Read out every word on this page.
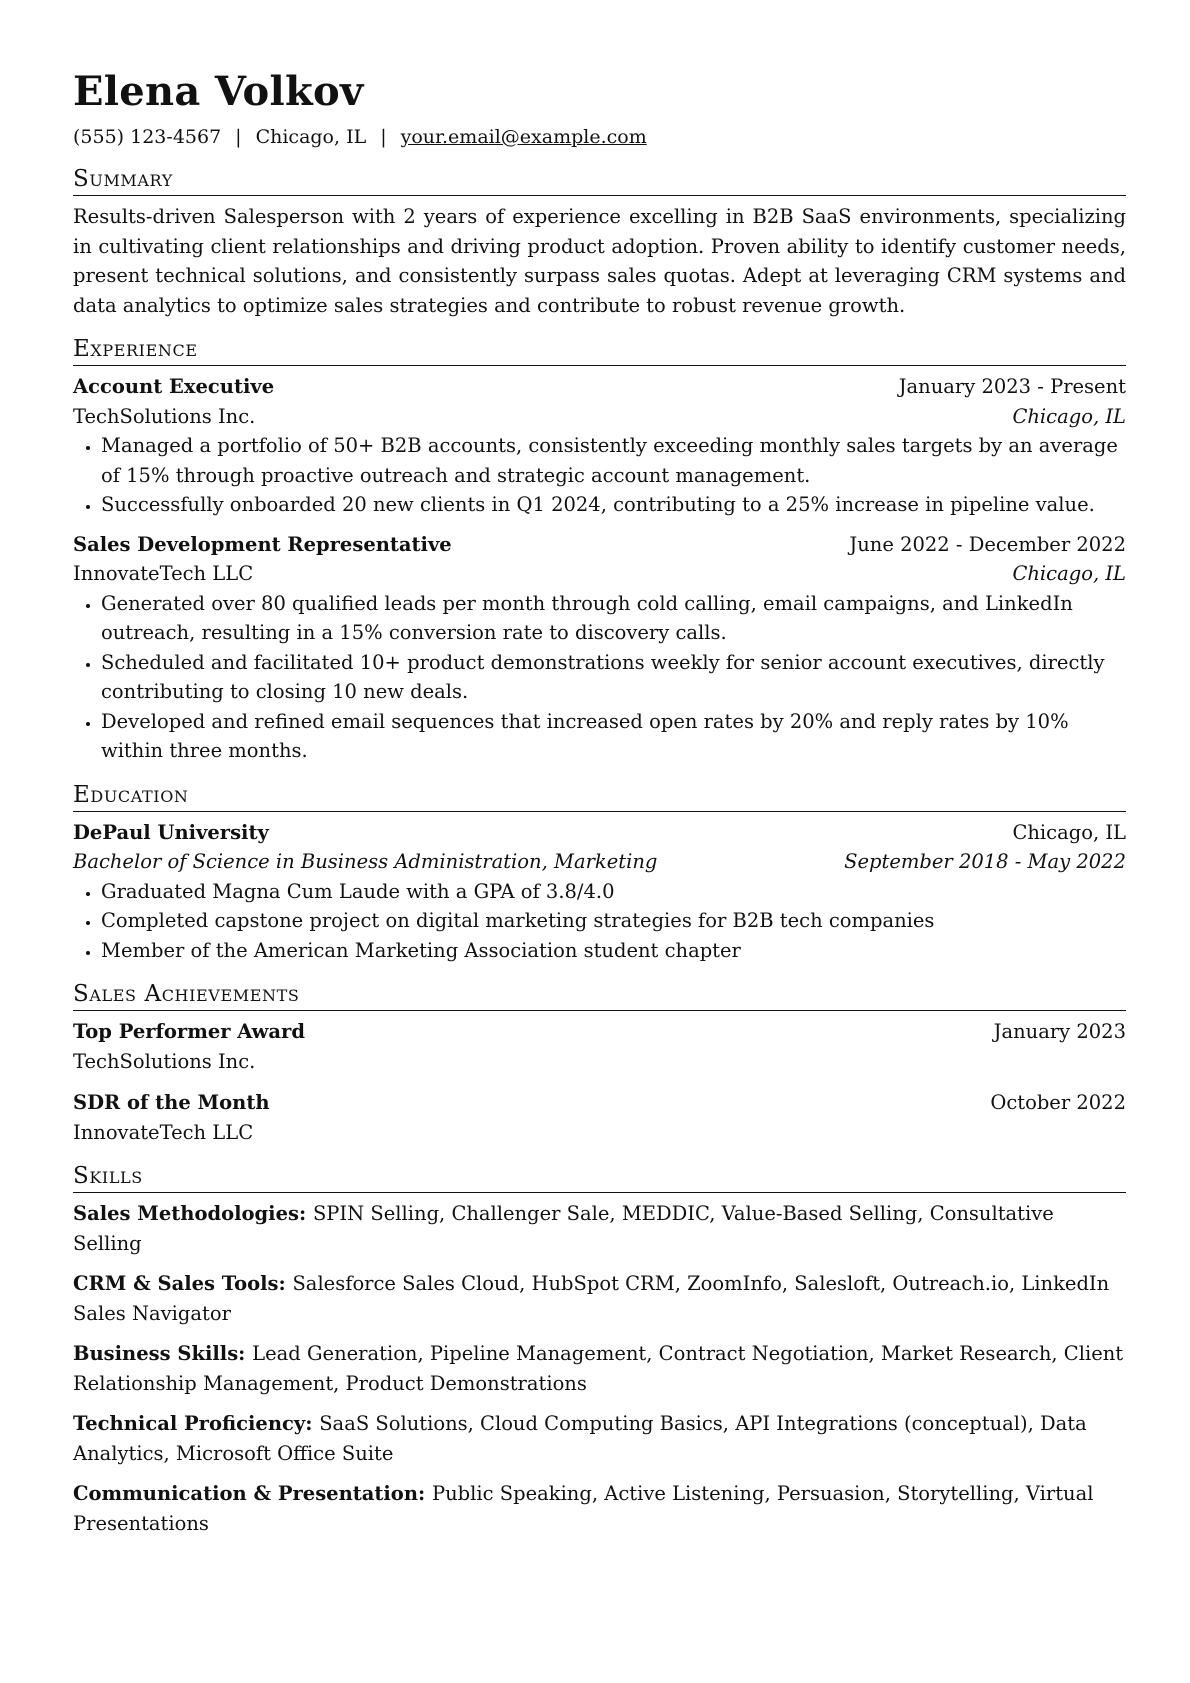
Elena Volkov
(555) 123-4567 | Chicago, IL | your.email@example.com
Summary
Results-driven Salesperson with 2 years of experience excelling in B2B SaaS environments, specializing in cultivating client relationships and driving product adoption. Proven ability to identify customer needs, present technical solutions, and consistently surpass sales quotas. Adept at leveraging CRM systems and data analytics to optimize sales strategies and contribute to robust revenue growth.
Experience
Account Executive	January 2023 - Present
TechSolutions Inc.	Chicago, IL
• Managed a portfolio of 50+ B2B accounts, consistently exceeding monthly sales targets by an average of 15% through proactive outreach and strategic account management.
• Successfully onboarded 20 new clients in Q1 2024, contributing to a 25% increase in pipeline value.
Sales Development Representative	June 2022 - December 2022
InnovateTech LLC	Chicago, IL
• Generated over 80 qualified leads per month through cold calling, email campaigns, and LinkedIn outreach, resulting in a 15% conversion rate to discovery calls.
• Scheduled and facilitated 10+ product demonstrations weekly for senior account executives, directly contributing to closing 10 new deals.
• Developed and refined email sequences that increased open rates by 20% and reply rates by 10% within three months.
Education
DePaul University	Chicago, IL
Bachelor of Science in Business Administration, Marketing	September 2018 - May 2022
• Graduated Magna Cum Laude with a GPA of 3.8/4.0
• Completed capstone project on digital marketing strategies for B2B tech companies
• Member of the American Marketing Association student chapter
Sales Achievements
Top Performer Award	January 2023
TechSolutions Inc.
SDR of the Month	October 2022
InnovateTech LLC
Skills
Sales Methodologies: SPIN Selling, Challenger Sale, MEDDIC, Value-Based Selling, Consultative Selling
CRM & Sales Tools: Salesforce Sales Cloud, HubSpot CRM, ZoomInfo, Salesloft, Outreach.io, LinkedIn Sales Navigator
Business Skills: Lead Generation, Pipeline Management, Contract Negotiation, Market Research, Client Relationship Management, Product Demonstrations
Technical Proficiency: SaaS Solutions, Cloud Computing Basics, API Integrations (conceptual), Data Analytics, Microsoft Office Suite
Communication & Presentation: Public Speaking, Active Listening, Persuasion, Storytelling, Virtual Presentations
